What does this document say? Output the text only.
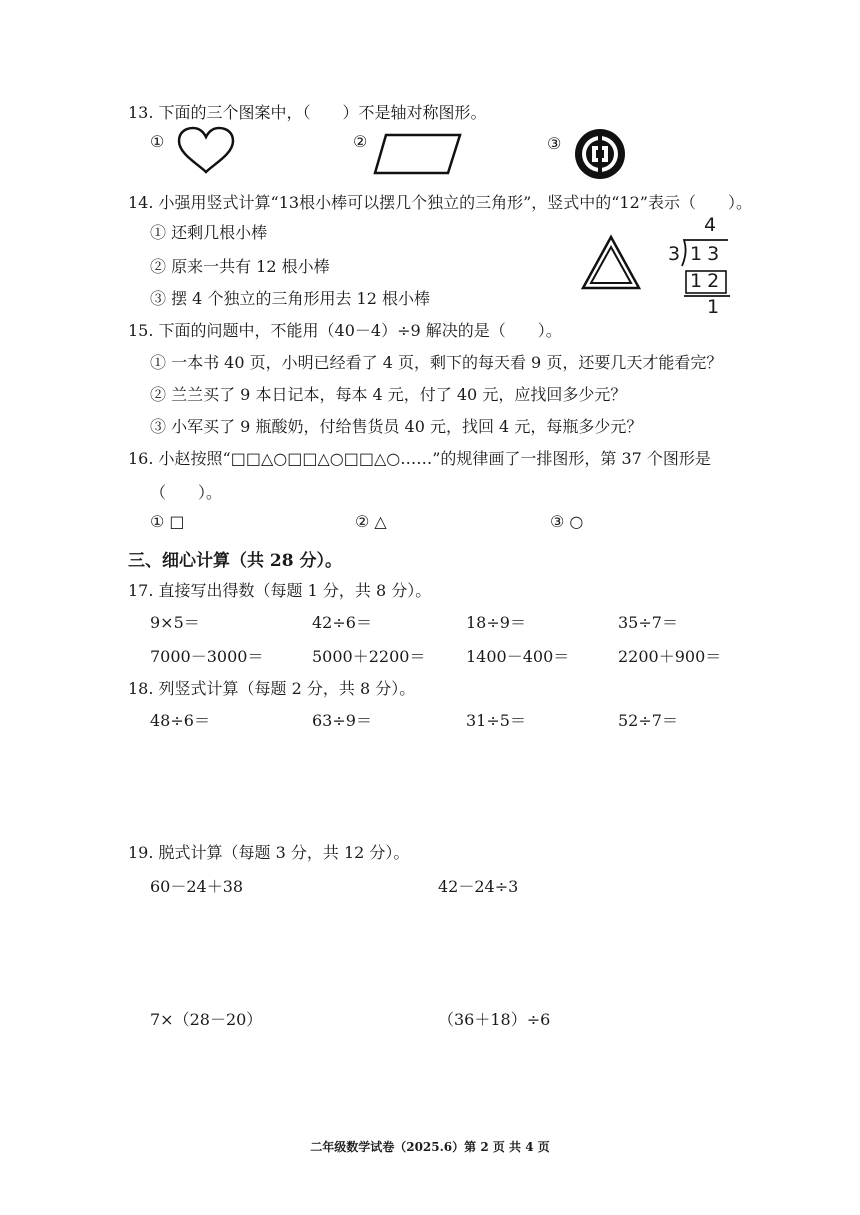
13. 下面的三个图案中，（　　）不是轴对称图形。
①	②	③
14. 小强用竖式计算“13根小棒可以摆几个独立的三角形”，竖式中的“12”表示（　　）。
① 还剩几根小棒
② 原来一共有 12 根小棒
③ 摆 4 个独立的三角形用去 12 根小棒
4
3 13
12
1
15. 下面的问题中，不能用（40－4）÷9 解决的是（　　）。
① 一本书 40 页，小明已经看了 4 页，剩下的每天看 9 页，还要几天才能看完？
② 兰兰买了 9 本日记本，每本 4 元，付了 40 元，应找回多少元？
③ 小军买了 9 瓶酸奶，付给售货员 40 元，找回 4 元，每瓶多少元？
16. 小赵按照“□□△○□□△○□□△○……”的规律画了一排图形，第 37 个图形是
（　　）。
① □	② △	③ ○
三、细心计算（共 28 分）。
17. 直接写出得数（每题 1 分，共 8 分）。
9×5＝	42÷6＝	18÷9＝	35÷7＝
7000－3000＝	5000＋2200＝	1400－400＝	2200＋900＝
18. 列竖式计算（每题 2 分，共 8 分）。
48÷6＝	63÷9＝	31÷5＝	52÷7＝
19. 脱式计算（每题 3 分，共 12 分）。
60－24＋38	42－24÷3
7×（28－20）	（36＋18）÷6
二年级数学试卷（2025.6）第 2 页 共 4 页
